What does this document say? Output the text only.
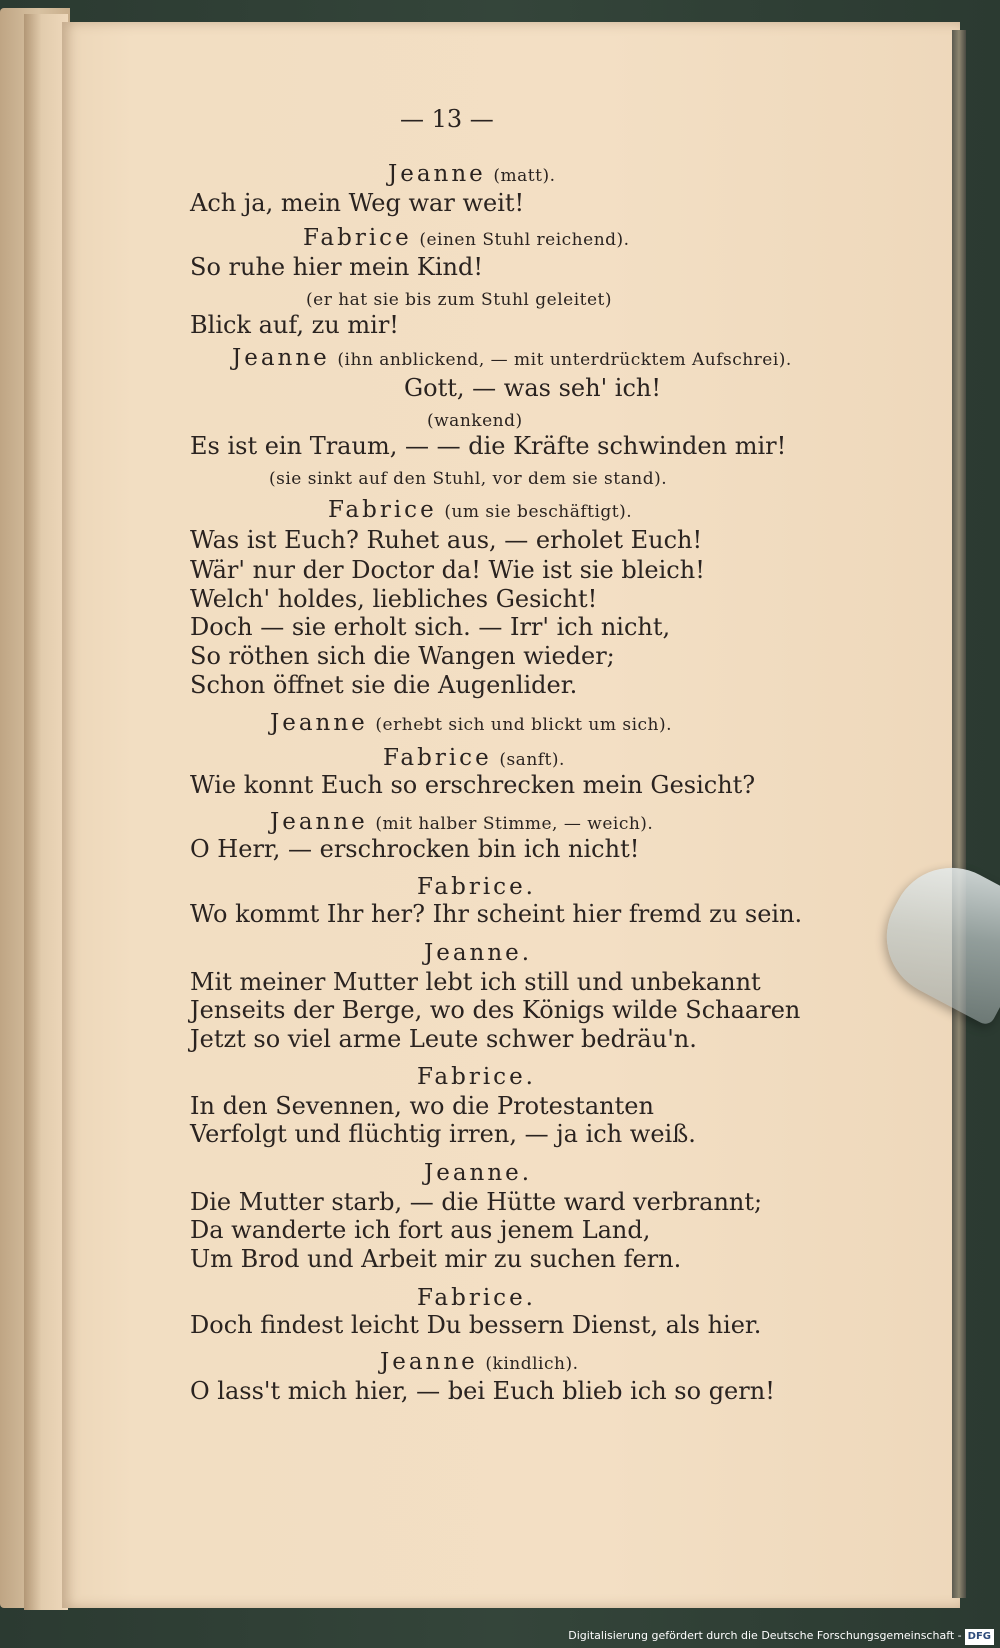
— 13 —
Jeanne (matt).
Ach ja, mein Weg war weit!
Fabrice (einen Stuhl reichend).
So ruhe hier mein Kind!
(er hat sie bis zum Stuhl geleitet)
Blick auf, zu mir!
Jeanne (ihn anblickend, — mit unterdrücktem Aufschrei).
Gott, — was seh' ich!
(wankend)
Es ist ein Traum, — — die Kräfte schwinden mir!
(sie sinkt auf den Stuhl, vor dem sie stand).
Fabrice (um sie beschäftigt).
Was ist Euch? Ruhet aus, — erholet Euch!
Wär' nur der Doctor da! Wie ist sie bleich!
Welch' holdes, liebliches Gesicht!
Doch — sie erholt sich. — Irr' ich nicht,
So röthen sich die Wangen wieder;
Schon öffnet sie die Augenlider.
Jeanne (erhebt sich und blickt um sich).
Fabrice (sanft).
Wie konnt Euch so erschrecken mein Gesicht?
Jeanne (mit halber Stimme, — weich).
O Herr, — erschrocken bin ich nicht!
Fabrice.
Wo kommt Ihr her? Ihr scheint hier fremd zu sein.
Jeanne.
Mit meiner Mutter lebt ich still und unbekannt
Jenseits der Berge, wo des Königs wilde Schaaren
Jetzt so viel arme Leute schwer bedräu'n.
Fabrice.
In den Sevennen, wo die Protestanten
Verfolgt und flüchtig irren, — ja ich weiß.
Jeanne.
Die Mutter starb, — die Hütte ward verbrannt;
Da wanderte ich fort aus jenem Land,
Um Brod und Arbeit mir zu suchen fern.
Fabrice.
Doch findest leicht Du bessern Dienst, als hier.
Jeanne (kindlich).
O lass't mich hier, — bei Euch blieb ich so gern!
Digitalisierung gefördert durch die Deutsche Forschungsgemeinschaft - DFG
